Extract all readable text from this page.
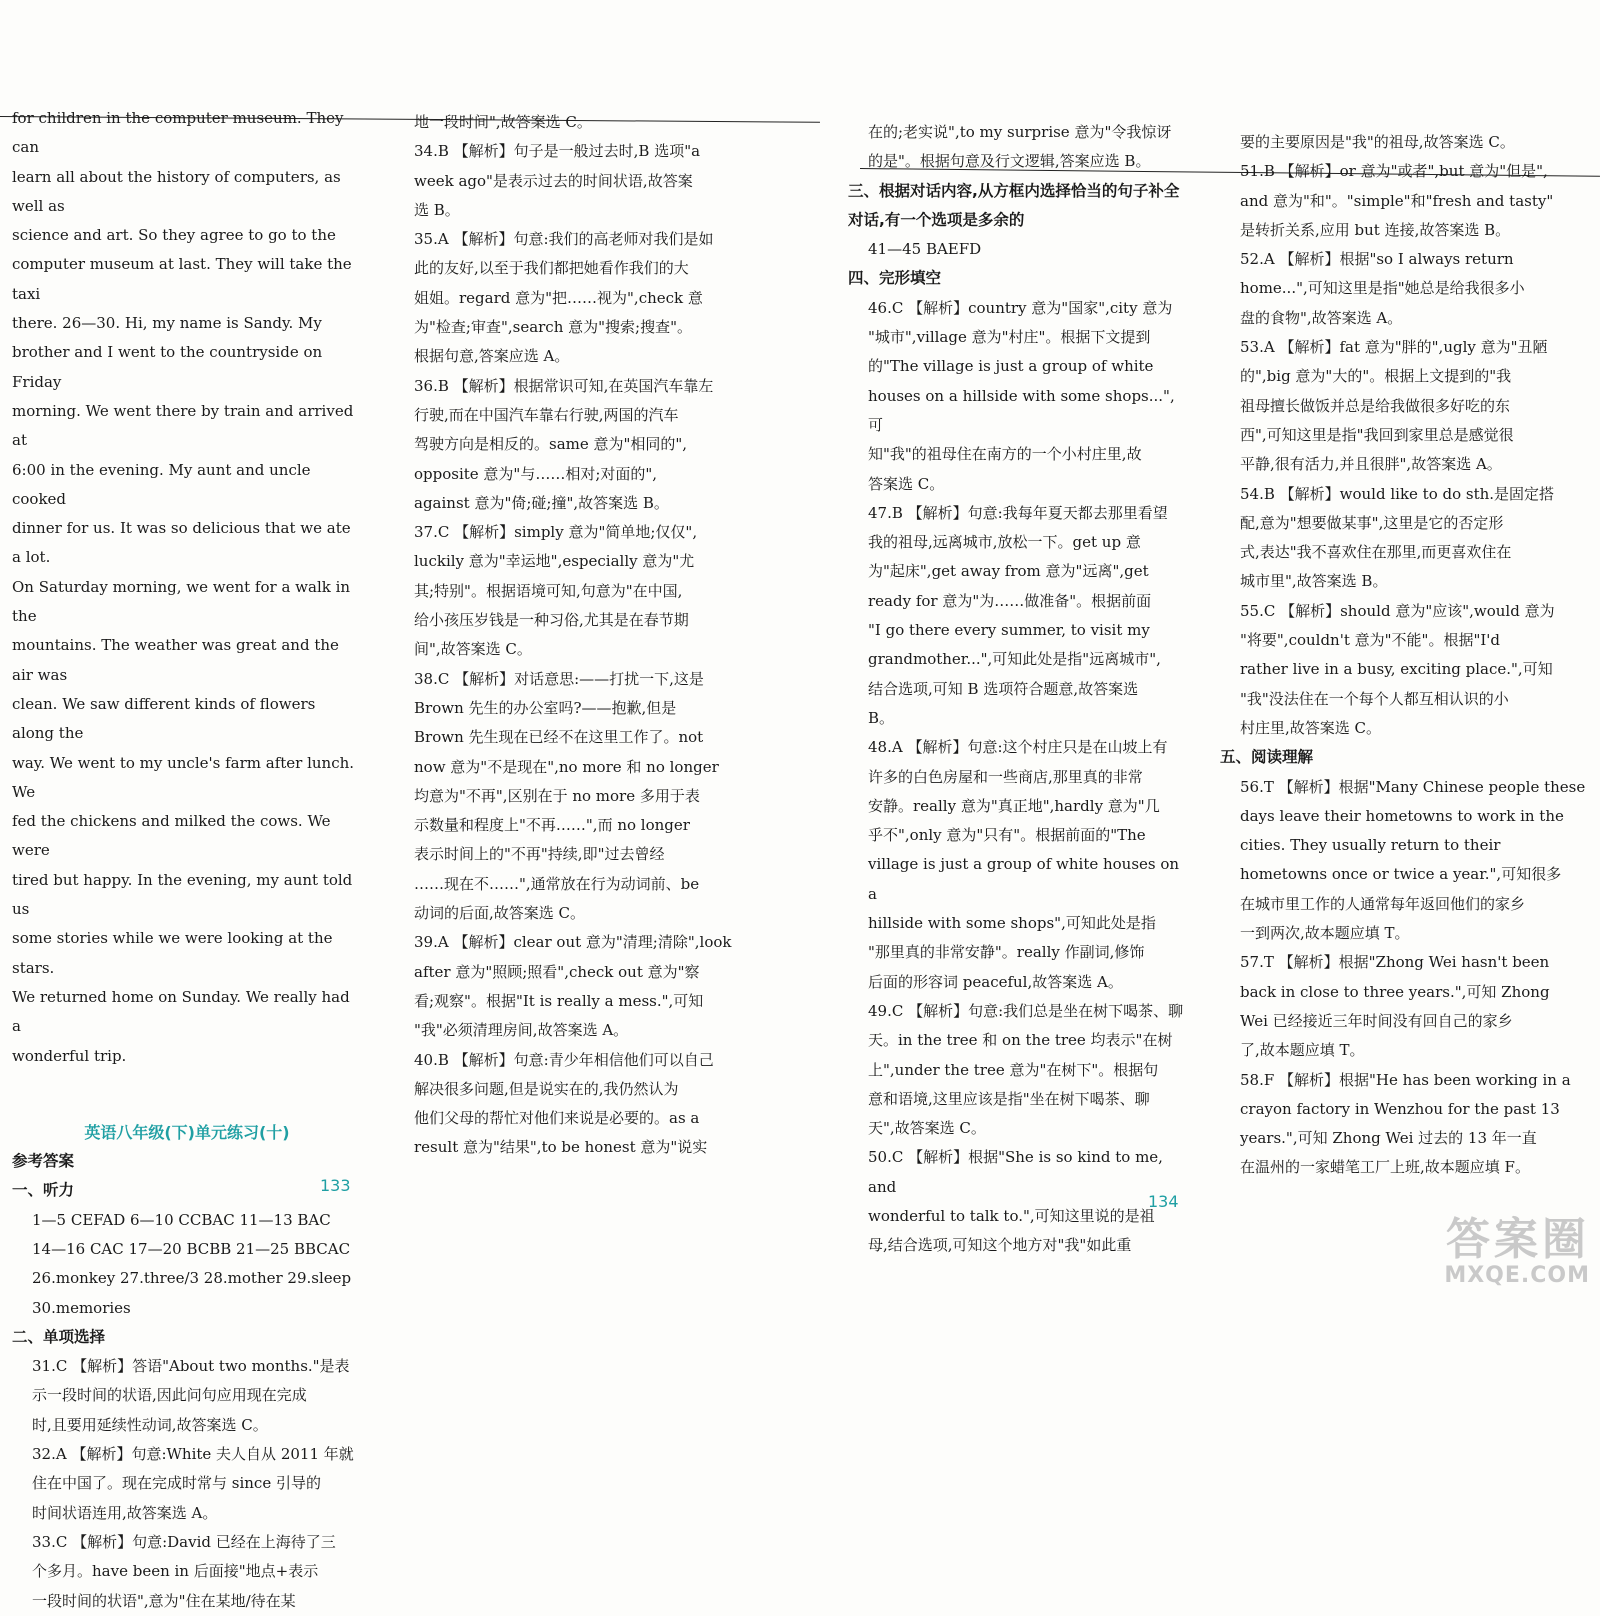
for children in the computer museum. They can

learn all about the history of computers, as well as

science and art. So they agree to go to the

computer museum at last. They will take the taxi

there. 26—30. Hi, my name is Sandy. My

brother and I went to the countryside on Friday

morning. We went there by train and arrived at

6:00 in the evening. My aunt and uncle cooked

dinner for us. It was so delicious that we ate a lot.

On Saturday morning, we went for a walk in the

mountains. The weather was great and the air was

clean. We saw different kinds of flowers along the

way. We went to my uncle's farm after lunch. We

fed the chickens and milked the cows. We were

tired but happy. In the evening, my aunt told us

some stories while we were looking at the stars.

We returned home on Sunday. We really had a

wonderful trip.

英语八年级(下)单元练习(十)

参考答案

一、听力

1—5 CEFAD 6—10 CCBAC 11—13 BAC

14—16 CAC 17—20 BCBB 21—25 BBCAC

26.monkey 27.three/3 28.mother 29.sleep

30.memories

二、单项选择

31.C 【解析】答语"About two months."是表

示一段时间的状语,因此问句应用现在完成

时,且要用延续性动词,故答案选 C。

32.A 【解析】句意:White 夫人自从 2011 年就

住在中国了。现在完成时常与 since 引导的

时间状语连用,故答案选 A。

33.C 【解析】句意:David 已经在上海待了三

个多月。have been in 后面接"地点+表示

一段时间的状语",意为"住在某地/待在某

地一段时间",故答案选 C。

34.B 【解析】句子是一般过去时,B 选项"a

week ago"是表示过去的时间状语,故答案

选 B。

35.A 【解析】句意:我们的高老师对我们是如

此的友好,以至于我们都把她看作我们的大

姐姐。regard 意为"把……视为",check 意

为"检查;审查",search 意为"搜索;搜查"。

根据句意,答案应选 A。

36.B 【解析】根据常识可知,在英国汽车靠左

行驶,而在中国汽车靠右行驶,两国的汽车

驾驶方向是相反的。same 意为"相同的",

opposite 意为"与……相对;对面的",

against 意为"倚;碰;撞",故答案选 B。

37.C 【解析】simply 意为"简单地;仅仅",

luckily 意为"幸运地",especially 意为"尤

其;特别"。根据语境可知,句意为"在中国,

给小孩压岁钱是一种习俗,尤其是在春节期

间",故答案选 C。

38.C 【解析】对话意思:——打扰一下,这是

Brown 先生的办公室吗?——抱歉,但是

Brown 先生现在已经不在这里工作了。not

now 意为"不是现在",no more 和 no longer

均意为"不再",区别在于 no more 多用于表

示数量和程度上"不再……",而 no longer

表示时间上的"不再"持续,即"过去曾经

……现在不……",通常放在行为动词前、be

动词的后面,故答案选 C。

39.A 【解析】clear out 意为"清理;清除",look

after 意为"照顾;照看",check out 意为"察

看;观察"。根据"It is really a mess.",可知

"我"必须清理房间,故答案选 A。

40.B 【解析】句意:青少年相信他们可以自己

解决很多问题,但是说实在的,我仍然认为

他们父母的帮忙对他们来说是必要的。as a

result 意为"结果",to be honest 意为"说实

133

在的;老实说",to my surprise 意为"令我惊讶

的是"。根据句意及行文逻辑,答案应选 B。

三、根据对话内容,从方框内选择恰当的句子补全对话,有一个选项是多余的

41—45 BAEFD

四、完形填空

46.C 【解析】country 意为"国家",city 意为

"城市",village 意为"村庄"。根据下文提到

的"The village is just a group of white

houses on a hillside with some shops...",可

知"我"的祖母住在南方的一个小村庄里,故

答案选 C。

47.B 【解析】句意:我每年夏天都去那里看望

我的祖母,远离城市,放松一下。get up 意

为"起床",get away from 意为"远离",get

ready for 意为"为……做准备"。根据前面

"I go there every summer, to visit my

grandmother...",可知此处是指"远离城市",

结合选项,可知 B 选项符合题意,故答案选

B。

48.A 【解析】句意:这个村庄只是在山坡上有

许多的白色房屋和一些商店,那里真的非常

安静。really 意为"真正地",hardly 意为"几

乎不",only 意为"只有"。根据前面的"The

village is just a group of white houses on a

hillside with some shops",可知此处是指

"那里真的非常安静"。really 作副词,修饰

后面的形容词 peaceful,故答案选 A。

49.C 【解析】句意:我们总是坐在树下喝茶、聊

天。in the tree 和 on the tree 均表示"在树

上",under the tree 意为"在树下"。根据句

意和语境,这里应该是指"坐在树下喝茶、聊

天",故答案选 C。

50.C 【解析】根据"She is so kind to me, and

wonderful to talk to.",可知这里说的是祖

母,结合选项,可知这个地方对"我"如此重

134

要的主要原因是"我"的祖母,故答案选 C。

51.B 【解析】or 意为"或者",but 意为"但是",

and 意为"和"。"simple"和"fresh and tasty"

是转折关系,应用 but 连接,故答案选 B。

52.A 【解析】根据"so I always return

home...",可知这里是指"她总是给我很多小

盘的食物",故答案选 A。

53.A 【解析】fat 意为"胖的",ugly 意为"丑陋

的",big 意为"大的"。根据上文提到的"我

祖母擅长做饭并总是给我做很多好吃的东

西",可知这里是指"我回到家里总是感觉很

平静,很有活力,并且很胖",故答案选 A。

54.B 【解析】would like to do sth.是固定搭

配,意为"想要做某事",这里是它的否定形

式,表达"我不喜欢住在那里,而更喜欢住在

城市里",故答案选 B。

55.C 【解析】should 意为"应该",would 意为

"将要",couldn't 意为"不能"。根据"I'd

rather live in a busy, exciting place.",可知

"我"没法住在一个每个人都互相认识的小

村庄里,故答案选 C。

五、阅读理解

56.T 【解析】根据"Many Chinese people these

days leave their hometowns to work in the

cities. They usually return to their

hometowns once or twice a year.",可知很多

在城市里工作的人通常每年返回他们的家乡

一到两次,故本题应填 T。

57.T 【解析】根据"Zhong Wei hasn't been

back in close to three years.",可知 Zhong

Wei 已经接近三年时间没有回自己的家乡

了,故本题应填 T。

58.F 【解析】根据"He has been working in a

crayon factory in Wenzhou for the past 13

years.",可知 Zhong Wei 过去的 13 年一直

在温州的一家蜡笔工厂上班,故本题应填 F。

答案圈
MXQE.COM
